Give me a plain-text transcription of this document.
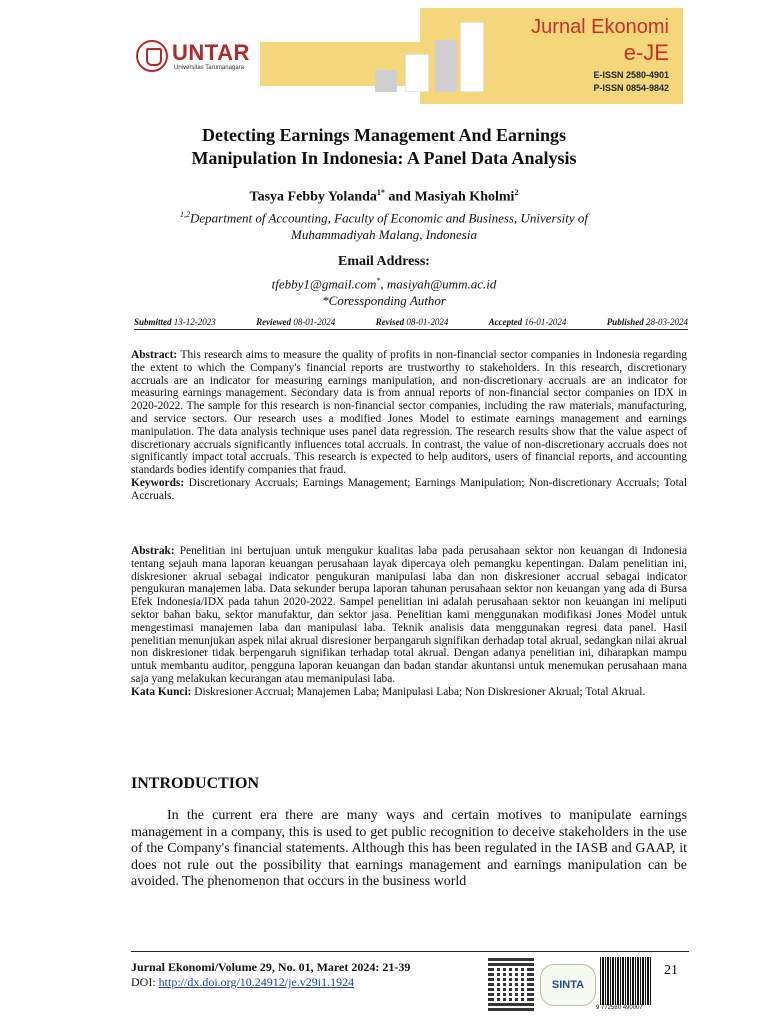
UNTAR
Universitas Tarumanagara
Jurnal Ekonomi
e-JE
E-ISSN 2580-4901
P-ISSN 0854-9842
Detecting Earnings Management And Earnings
Manipulation In Indonesia: A Panel Data Analysis
Tasya Febby Yolanda$^{1*}$ and Masiyah Kholmi$^2$
$^{1,2}$Department of Accounting, Faculty of Economic and Business, University of
Muhammadiyah Malang, Indonesia
Email Address:
tfebby1@gmail.com*, masiyah@umm.ac.id
*Coressponding Author
Submitted 13-12-2023	Reviewed 08-01-2024	Revised 08-01-2024	Accepted 16-01-2024	Published 28-03-2024
Abstract: This research aims to measure the quality of profits in non-financial sector companies in Indonesia regarding the extent to which the Company's financial reports are trustworthy to stakeholders. In this research, discretionary accruals are an indicator for measuring earnings manipulation, and non-discretionary accruals are an indicator for measuring earnings management. Secondary data is from annual reports of non-financial sector companies on IDX in 2020-2022. The sample for this research is non-financial sector companies, including the raw materials, manufacturing, and service sectors. Our research uses a modified Jones Model to estimate earnings management and earnings manipulation. The data analysis technique uses panel data regression. The research results show that the value aspect of discretionary accruals significantly influences total accruals. In contrast, the value of non-discretionary accruals does not significantly impact total accruals. This research is expected to help auditors, users of financial reports, and accounting standards bodies identify companies that fraud.
Keywords: Discretionary Accruals; Earnings Management; Earnings Manipulation; Non-discretionary Accruals; Total Accruals.
Abstrak: Penelitian ini bertujuan untuk mengukur kualitas laba pada perusahaan sektor non keuangan di Indonesia tentang sejauh mana laporan keuangan perusahaan layak dipercaya oleh pemangku kepentingan. Dalam penelitian ini, diskresioner akrual sebagai indicator pengukuran manipulasi laba dan non diskresioner accrual sebagai indicator pengukuran manajemen laba. Data sekunder berupa laporan tahunan perusahaan sektor non keuangan yang ada di Bursa Efek Indonesia/IDX pada tahun 2020-2022. Sampel penelitian ini adalah perusahaan sektor non keuangan ini meliputi sektor bahan baku, sektor manufaktur, dan sektor jasa. Penelitian kami menggunakan modifikasi Jones Model untuk mengestimasi manajemen laba dan manipulasi laba. Teknik analisis data menggunakan regresi data panel. Hasil penelitian menunjukan aspek nilai akrual disresioner berpangaruh signifikan derhadap total akrual, sedangkan nilai akrual non diskresioner tidak berpengaruh signifikan terhadap total akrual. Dengan adanya penelitian ini, diharapkan mampu untuk membantu auditor, pengguna laporan keuangan dan badan standar akuntansi untuk menemukan perusahaan mana saja yang melakukan kecurangan atau memanipulasi laba.
Kata Kunci: Diskresioner Accrual; Manajemen Laba; Manipulasi Laba; Non Diskresioner Akrual; Total Akrual.
INTRODUCTION
In the current era there are many ways and certain motives to manipulate earnings management in a company, this is used to get public recognition to deceive stakeholders in the use of the Company's financial statements. Although this has been regulated in the IASB and GAAP, it does not rule out the possibility that earnings management and earnings manipulation can be avoided. The phenomenon that occurs in the business world
Jurnal Ekonomi/Volume 29, No. 01, Maret 2024: 21-39
DOI: http://dx.doi.org/10.24912/je.v29i1.1924	SINTA
9 772580 490007
21
